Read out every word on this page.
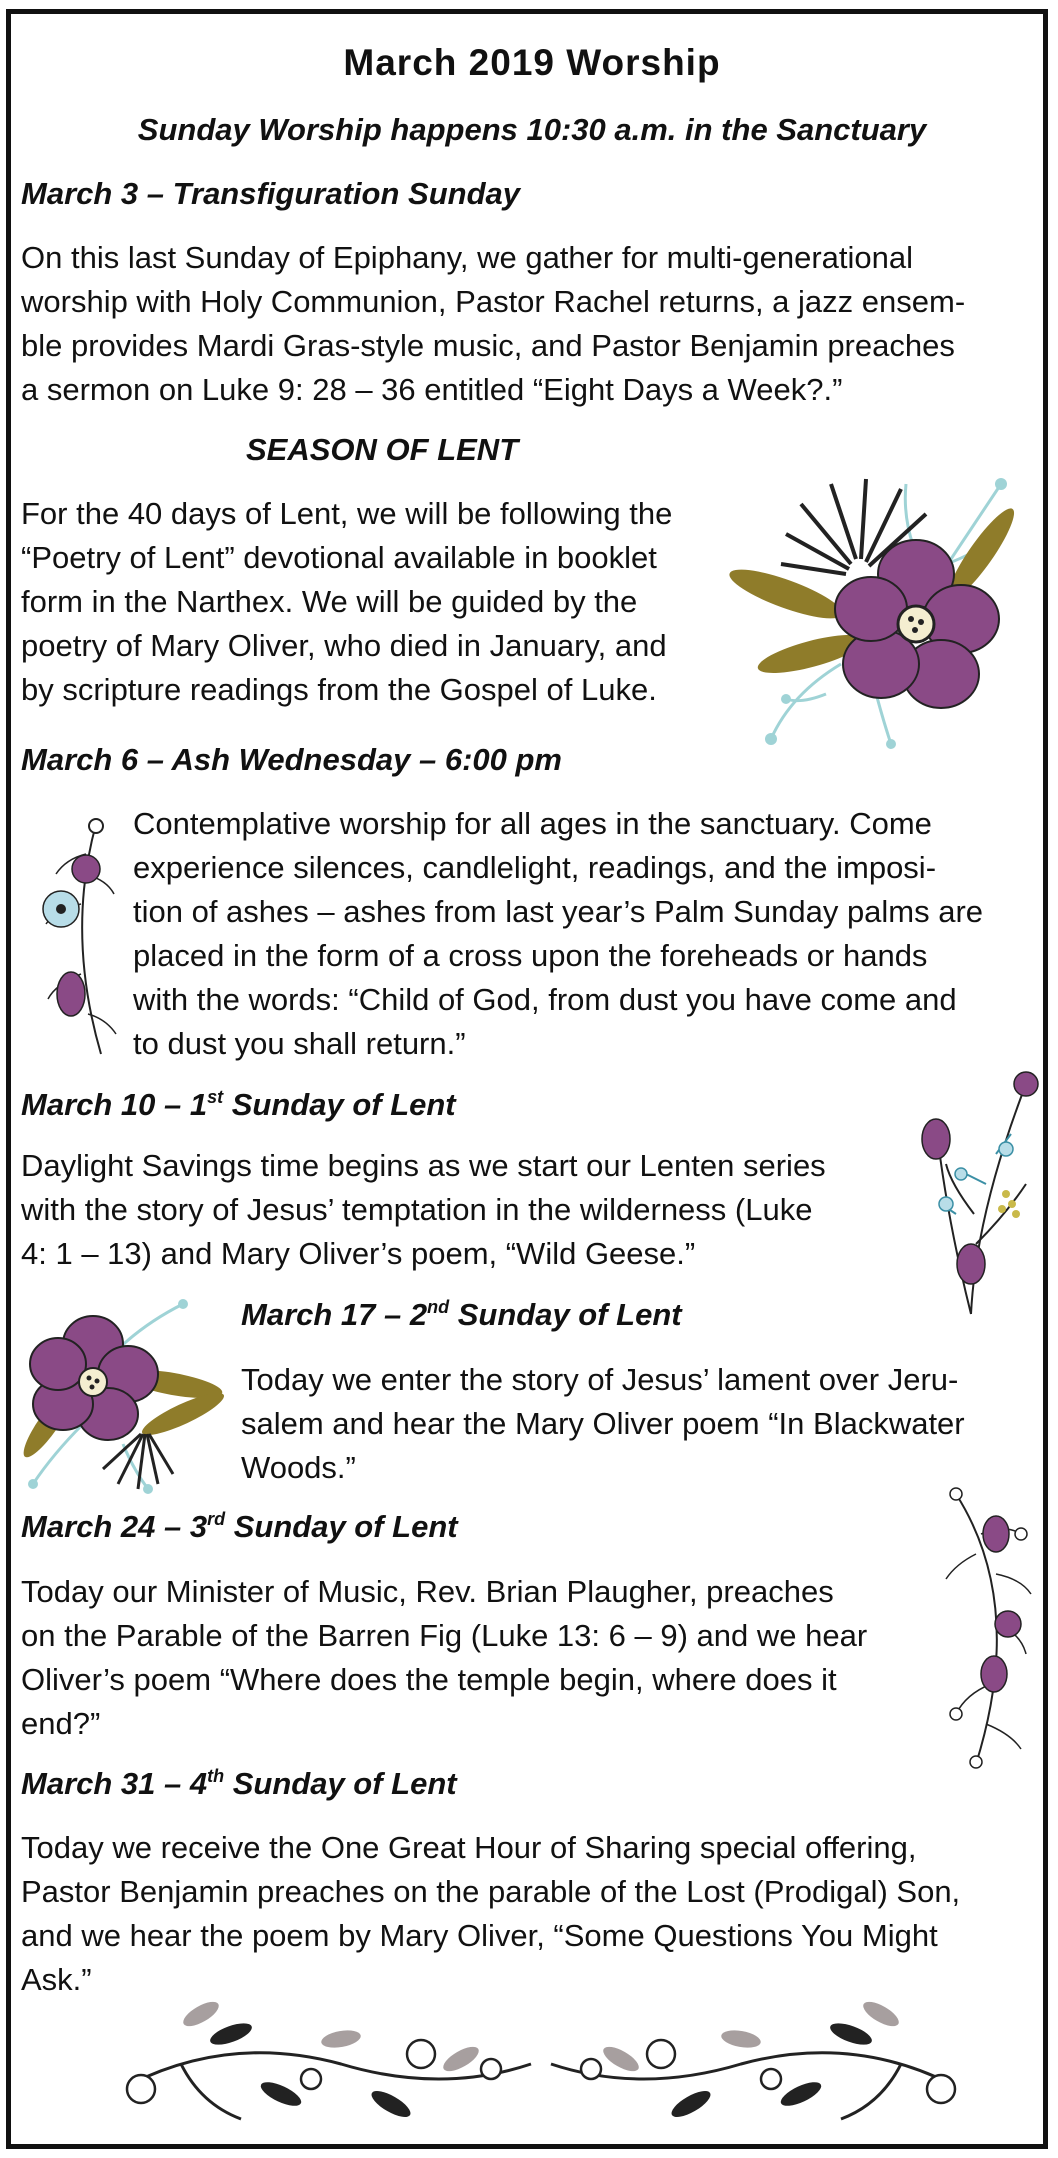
March 2019 Worship

Sunday Worship happens 10:30 a.m. in the Sanctuary

March 3 – Transfiguration Sunday

On this last Sunday of Epiphany, we gather for multi-generational
worship with Holy Communion, Pastor Rachel returns, a jazz ensem-
ble provides Mardi Gras-style music, and Pastor Benjamin preaches
a sermon on Luke 9: 28 – 36 entitled “Eight Days a Week?.”

SEASON OF LENT

For the 40 days of Lent, we will be following the
“Poetry of Lent” devotional available in booklet
form in the Narthex. We will be guided by the
poetry of Mary Oliver, who died in January, and
by scripture readings from the Gospel of Luke.

March 6 – Ash Wednesday – 6:00 pm

Contemplative worship for all ages in the sanctuary. Come
experience silences, candlelight, readings, and the imposi-
tion of ashes – ashes from last year’s Palm Sunday palms are
placed in the form of a cross upon the foreheads or hands
with the words: “Child of God, from dust you have come and
to dust you shall return.”

March 10 – 1st Sunday of Lent

Daylight Savings time begins as we start our Lenten series
with the story of Jesus’ temptation in the wilderness (Luke
4: 1 – 13) and Mary Oliver’s poem, “Wild Geese.”

March 17 – 2nd Sunday of Lent

Today we enter the story of Jesus’ lament over Jeru-
salem and hear the Mary Oliver poem “In Blackwater
Woods.”

March 24 – 3rd Sunday of Lent

Today our Minister of Music, Rev. Brian Plaugher, preaches
on the Parable of the Barren Fig (Luke 13: 6 – 9) and we hear
Oliver’s poem “Where does the temple begin, where does it
end?”

March 31 – 4th Sunday of Lent

Today we receive the One Great Hour of Sharing special offering,
Pastor Benjamin preaches on the parable of the Lost (Prodigal) Son,
and we hear the poem by Mary Oliver, “Some Questions You Might
Ask.”
